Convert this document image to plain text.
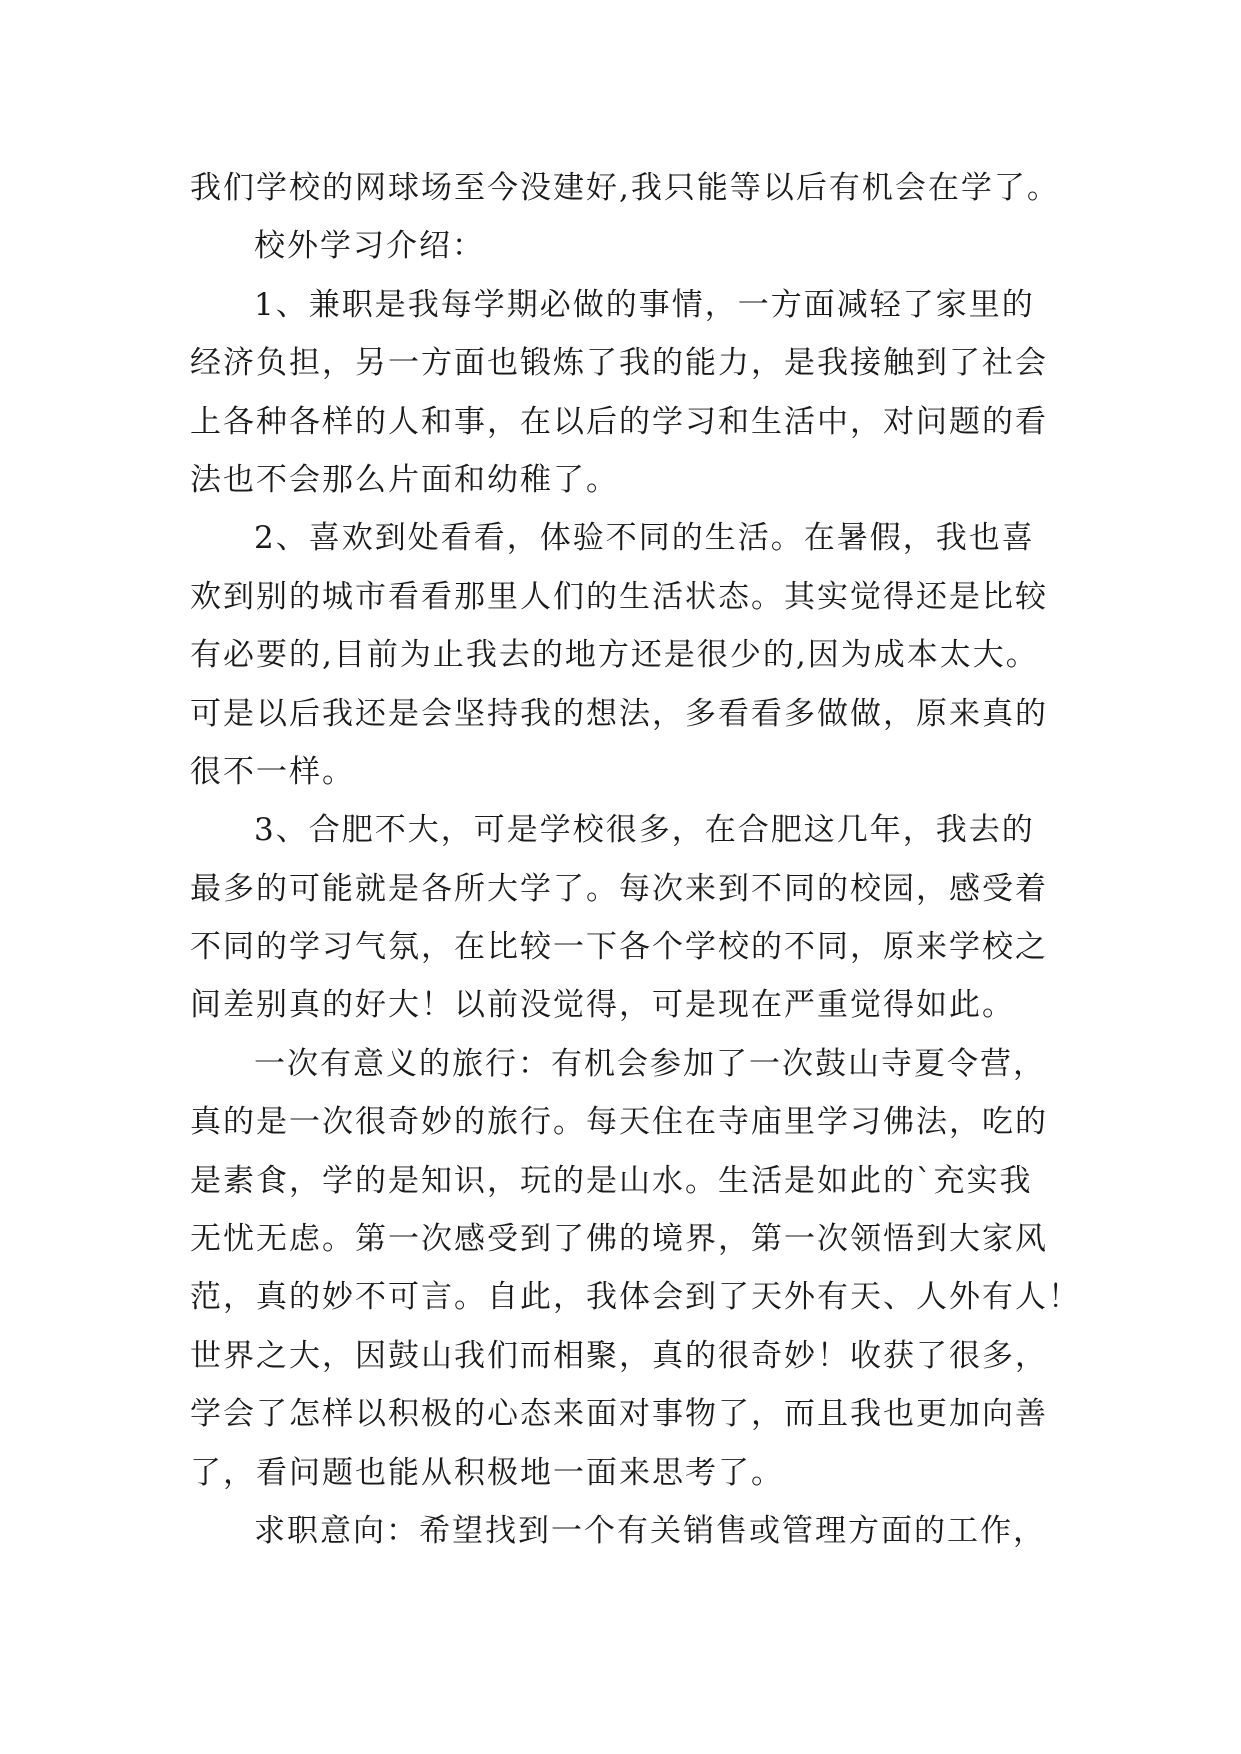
我们学校的网球场至今没建好,我只能等以后有机会在学了。
校外学习介绍：
1、兼职是我每学期必做的事情，一方面减轻了家里的
经济负担，另一方面也锻炼了我的能力，是我接触到了社会
上各种各样的人和事，在以后的学习和生活中，对问题的看
法也不会那么片面和幼稚了。
2、喜欢到处看看，体验不同的生活。在暑假，我也喜
欢到别的城市看看那里人们的生活状态。其实觉得还是比较
有必要的,目前为止我去的地方还是很少的,因为成本太大。
可是以后我还是会坚持我的想法，多看看多做做，原来真的
很不一样。
3、合肥不大，可是学校很多，在合肥这几年，我去的
最多的可能就是各所大学了。每次来到不同的校园，感受着
不同的学习气氛，在比较一下各个学校的不同，原来学校之
间差别真的好大！以前没觉得，可是现在严重觉得如此。
一次有意义的旅行：有机会参加了一次鼓山寺夏令营，
真的是一次很奇妙的旅行。每天住在寺庙里学习佛法，吃的
是素食，学的是知识，玩的是山水。生活是如此的`充实我
无忧无虑。第一次感受到了佛的境界，第一次领悟到大家风
范，真的妙不可言。自此，我体会到了天外有天、人外有人！
世界之大，因鼓山我们而相聚，真的很奇妙！收获了很多，
学会了怎样以积极的心态来面对事物了，而且我也更加向善
了，看问题也能从积极地一面来思考了。
求职意向：希望找到一个有关销售或管理方面的工作，
